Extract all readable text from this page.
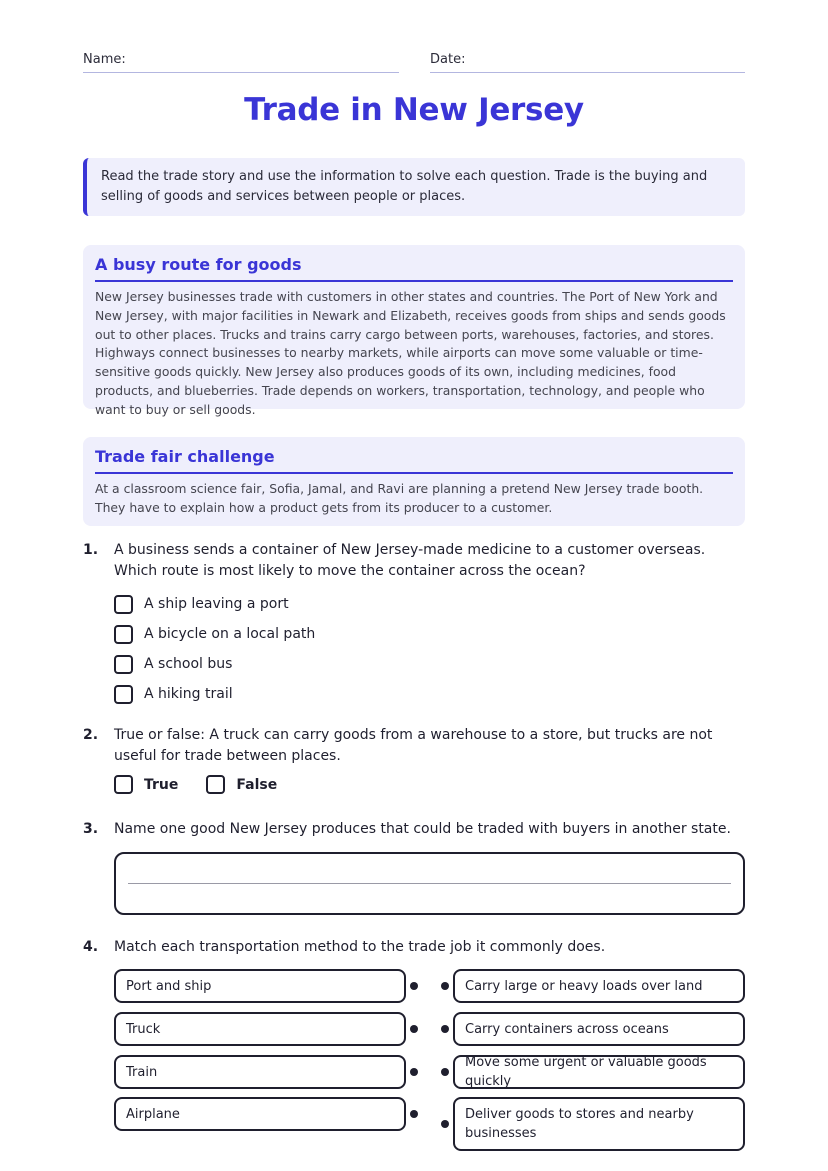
Name:	Date:
Trade in New Jersey
Read the trade story and use the information to solve each question. Trade is the buying and selling of goods and services between people or places.
A busy route for goods

New Jersey businesses trade with customers in other states and countries. The Port of New York and New Jersey, with major facilities in Newark and Elizabeth, receives goods from ships and sends goods out to other places. Trucks and trains carry cargo between ports, warehouses, factories, and stores. Highways connect businesses to nearby markets, while airports can move some valuable or time-sensitive goods quickly. New Jersey also produces goods of its own, including medicines, food products, and blueberries. Trade depends on workers, transportation, technology, and people who want to buy or sell goods.

Trade fair challenge

At a classroom science fair, Sofia, Jamal, and Ravi are planning a pretend New Jersey trade booth. They have to explain how a product gets from its producer to a customer.

1. A business sends a container of New Jersey-made medicine to a customer overseas. Which route is most likely to move the container across the ocean?
A ship leaving a port
A bicycle on a local path
A school bus
A hiking trail
2. True or false: A truck can carry goods from a warehouse to a store, but trucks are not useful for trade between places.
True	False
3. Name one good New Jersey produces that could be traded with buyers in another state.
4. Match each transportation method to the trade job it commonly does.
Port and ship
Truck
Train
Airplane
Carry large or heavy loads over land
Carry containers across oceans
Move some urgent or valuable goods quickly
Deliver goods to stores and nearby businesses
